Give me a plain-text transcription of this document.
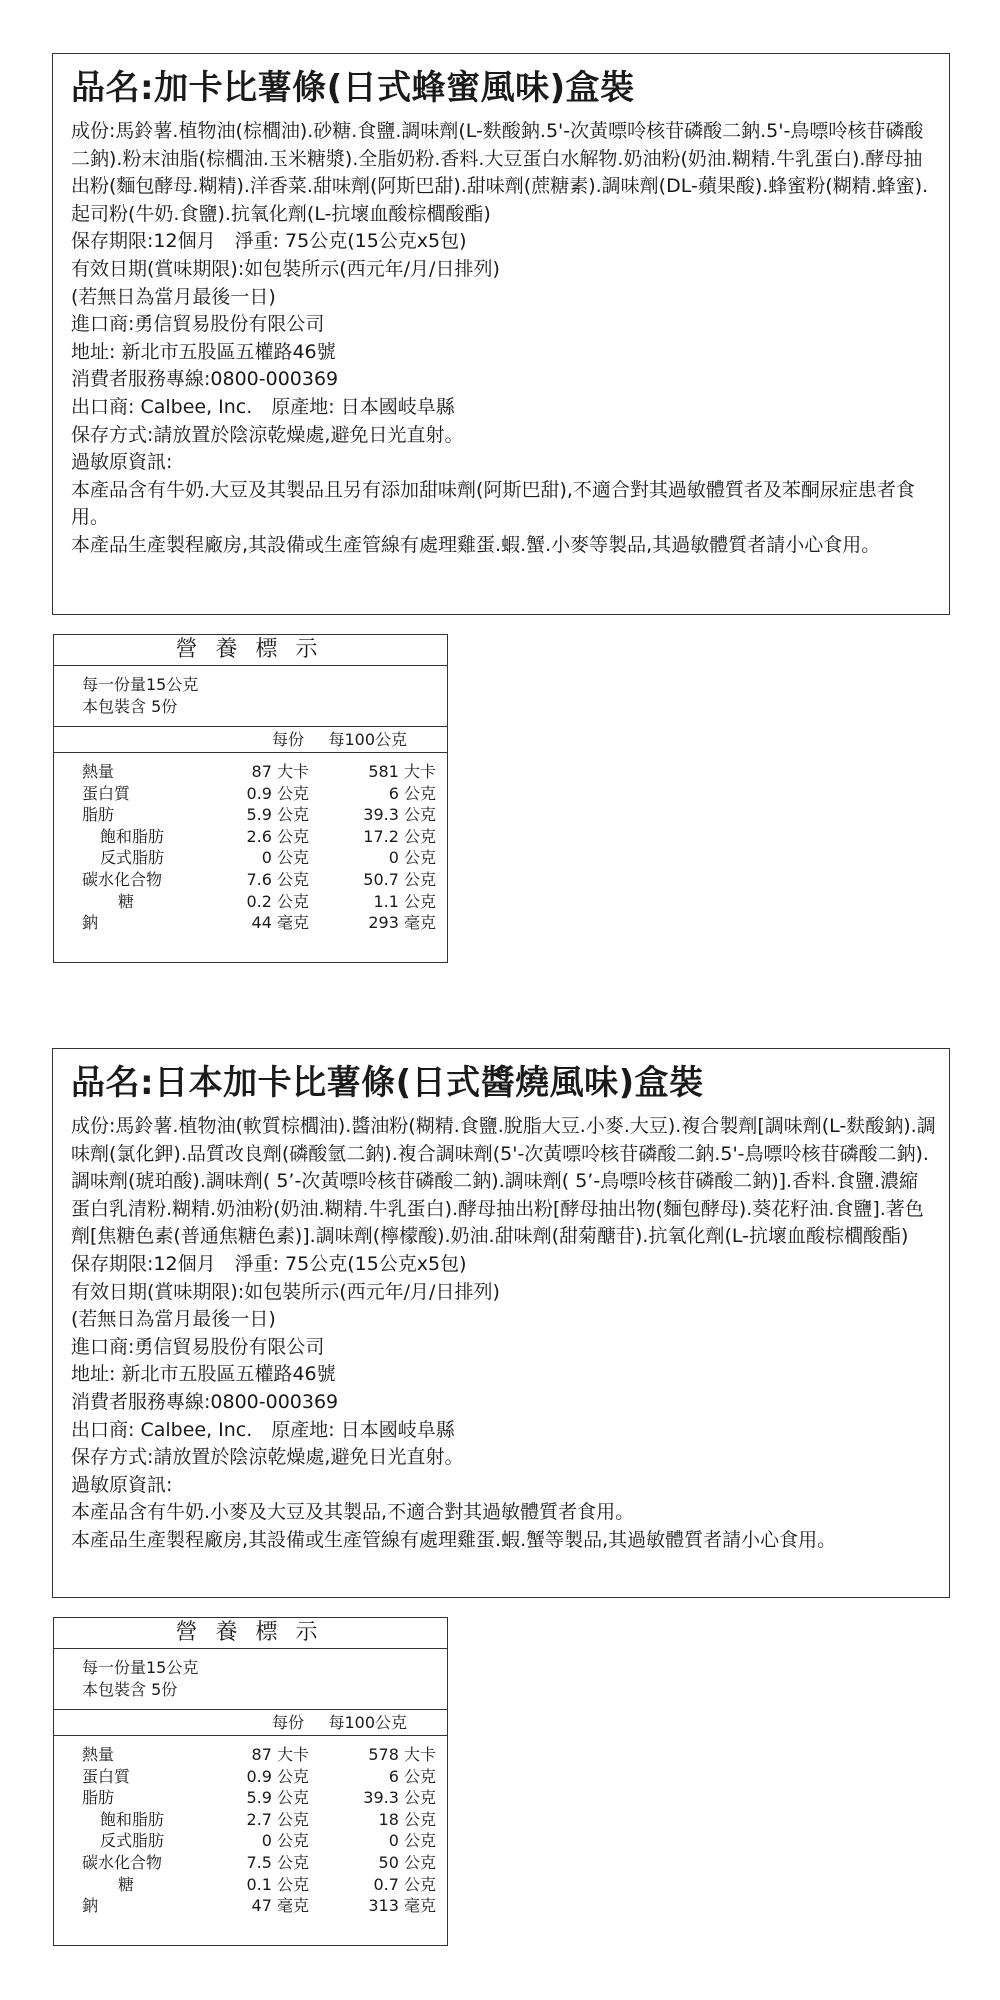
品名:加卡比薯條(日式蜂蜜風味)盒裝

成份:馬鈴薯.植物油(棕櫚油).砂糖.食鹽.調味劑(L-麩酸鈉.5'-次黃嘌呤核苷磷酸二鈉.5'-鳥嘌呤核苷磷酸二鈉).粉末油脂(棕櫚油.玉米糖漿).全脂奶粉.香料.大豆蛋白水解物.奶油粉(奶油.糊精.牛乳蛋白).酵母抽出粉(麵包酵母.糊精).洋香菜.甜味劑(阿斯巴甜).甜味劑(蔗糖素).調味劑(DL-蘋果酸).蜂蜜粉(糊精.蜂蜜).起司粉(牛奶.食鹽).抗氧化劑(L-抗壞血酸棕櫚酸酯)

保存期限:12個月　淨重: 75公克(15公克x5包)

有效日期(賞味期限):如包裝所示(西元年/月/日排列)

(若無日為當月最後一日)

進口商:勇信貿易股份有限公司

地址: 新北市五股區五權路46號

消費者服務專線:0800-000369

出口商: Calbee, Inc.　原產地: 日本國岐阜縣

保存方式:請放置於陰涼乾燥處,避免日光直射。

過敏原資訊:

本產品含有牛奶.大豆及其製品且另有添加甜味劑(阿斯巴甜),不適合對其過敏體質者及苯酮尿症患者食用。

本產品生產製程廠房,其設備或生產管線有處理雞蛋.蝦.蟹.小麥等製品,其過敏體質者請小心食用。

營養標示
每一份量15公克
本包裝含 5份
每份	每100公克
熱量	87 大卡	581 大卡
蛋白質	0.9 公克	6 公克
脂肪	5.9 公克	39.3 公克
飽和脂肪	2.6 公克	17.2 公克
反式脂肪	0 公克	0 公克
碳水化合物	7.6 公克	50.7 公克
糖	0.2 公克	1.1 公克
鈉	44 毫克	293 毫克
品名:日本加卡比薯條(日式醬燒風味)盒裝

成份:馬鈴薯.植物油(軟質棕櫚油).醬油粉(糊精.食鹽.脫脂大豆.小麥.大豆).複合製劑[調味劑(L-麩酸鈉).調味劑(氯化鉀).品質改良劑(磷酸氫二鈉).複合調味劑(5'-次黃嘌呤核苷磷酸二鈉.5'-鳥嘌呤核苷磷酸二鈉).調味劑(琥珀酸).調味劑( 5’-次黃嘌呤核苷磷酸二鈉).調味劑( 5’-鳥嘌呤核苷磷酸二鈉)].香料.食鹽.濃縮蛋白乳清粉.糊精.奶油粉(奶油.糊精.牛乳蛋白).酵母抽出粉[酵母抽出物(麵包酵母).葵花籽油.食鹽].著色劑[焦糖色素(普通焦糖色素)].調味劑(檸檬酸).奶油.甜味劑(甜菊醣苷).抗氧化劑(L-抗壞血酸棕櫚酸酯)

保存期限:12個月　淨重: 75公克(15公克x5包)

有效日期(賞味期限):如包裝所示(西元年/月/日排列)

(若無日為當月最後一日)

進口商:勇信貿易股份有限公司

地址: 新北市五股區五權路46號

消費者服務專線:0800-000369

出口商: Calbee, Inc.　原產地: 日本國岐阜縣

保存方式:請放置於陰涼乾燥處,避免日光直射。

過敏原資訊:

本產品含有牛奶.小麥及大豆及其製品,不適合對其過敏體質者食用。

本產品生產製程廠房,其設備或生產管線有處理雞蛋.蝦.蟹等製品,其過敏體質者請小心食用。

營養標示
每一份量15公克
本包裝含 5份
每份	每100公克
熱量	87 大卡	578 大卡
蛋白質	0.9 公克	6 公克
脂肪	5.9 公克	39.3 公克
飽和脂肪	2.7 公克	18 公克
反式脂肪	0 公克	0 公克
碳水化合物	7.5 公克	50 公克
糖	0.1 公克	0.7 公克
鈉	47 毫克	313 毫克
